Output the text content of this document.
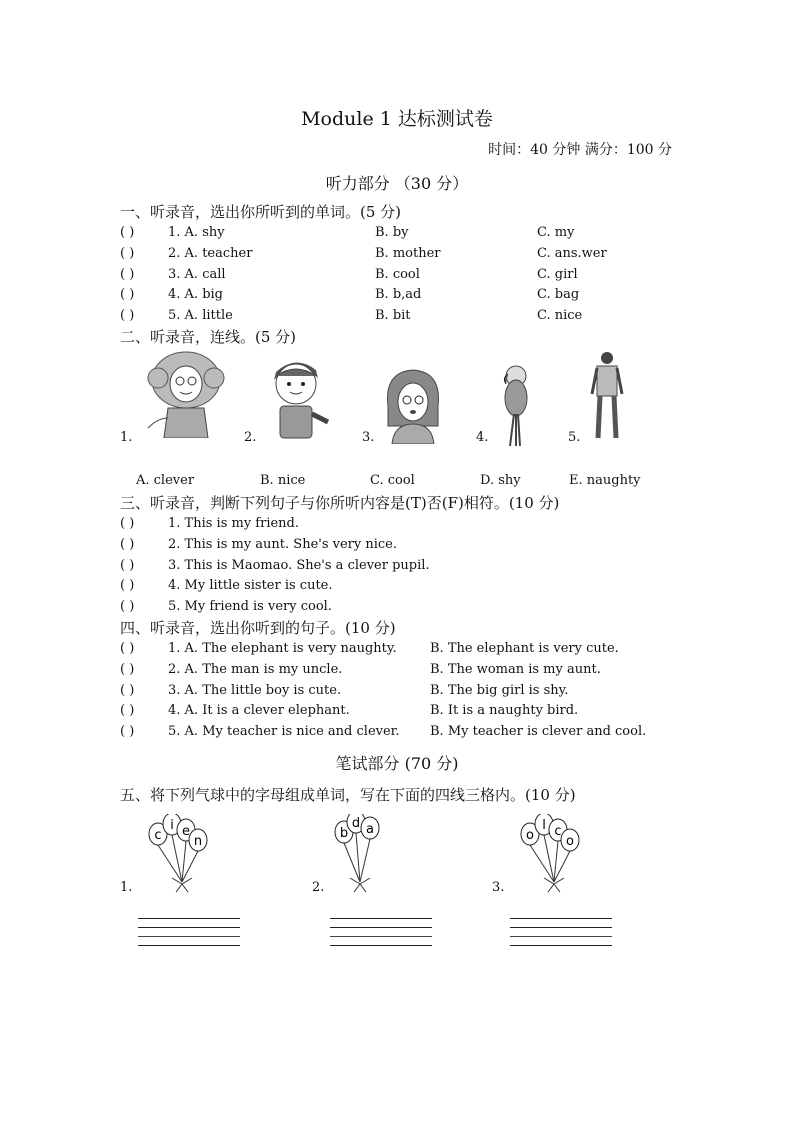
Module 1 达标测试卷
时间：40 分钟 满分：100 分
听力部分 （30 分）
一、听录音，选出你所听到的单词。(5 分)
( )	1. A. shy	B. by	C. my
( )	2. A. teacher	B. mother	C. ans.wer
( )	3. A. call	B. cool	C. girl
( )	4. A. big	B. b,ad	C. bag
( )	5. A. little	B. bit	C. nice
二、听录音，连线。(5 分)
1.	2.	3.	4.	5.
A. clever	B. nice	C. cool	D. shy	E. naughty
三、听录音，判断下列句子与你所听内容是(T)否(F)相符。(10 分)
( )	1. This is my friend.
( )	2. This is my aunt. She's very nice.
( )	3. This is Maomao. She's a clever pupil.
( )	4. My little sister is cute.
( )	5. My friend is very cool.
四、听录音，选出你听到的句子。(10 分)
( )	1. A. The elephant is very naughty.	B. The elephant is very cute.
( )	2. A. The man is my uncle.	B. The woman is my aunt.
( )	3. A. The little boy is cute.	B. The big girl is shy.
( )	4. A. It is a clever elephant.	B. It is a naughty bird.
( )	5. A. My teacher is nice and clever. B. My teacher is clever and cool.
笔试部分 (70 分)
五、将下列气球中的字母组成单词，写在下面的四线三格内。(10 分)
1.
c
i e
n
2.
b
d a
3.
o
l c
o
